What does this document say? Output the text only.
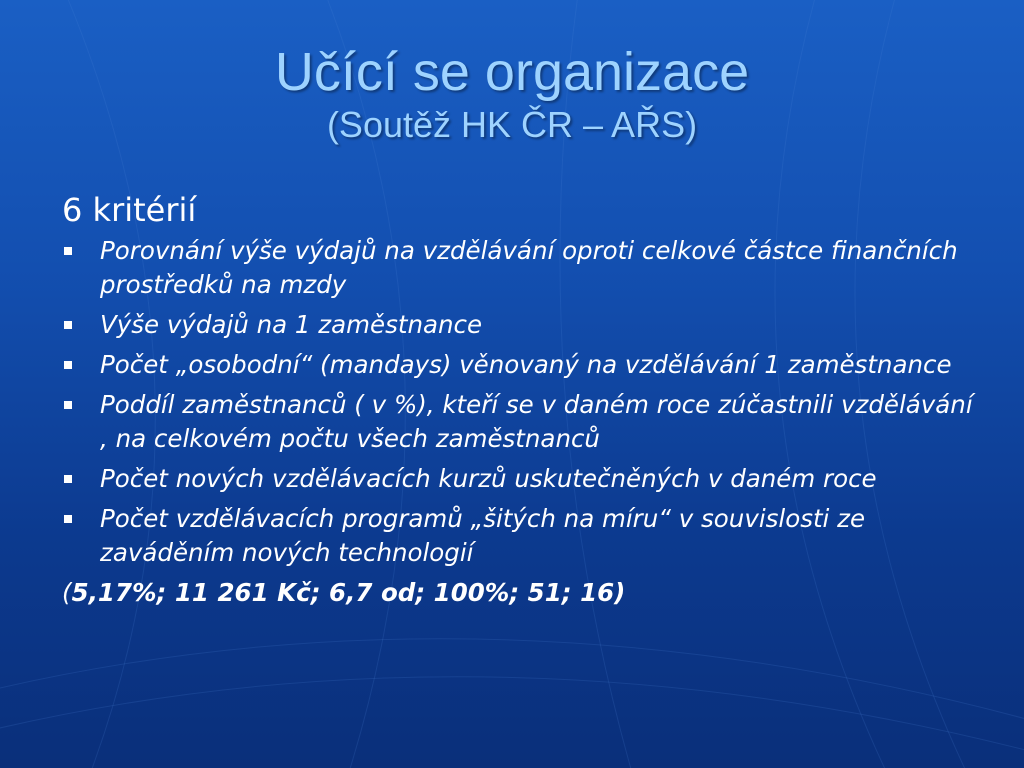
Učící se organizace
(Soutěž HK ČR – AŘS)
6 kritérií
Porovnání výše výdajů na vzdělávání oproti celkové částce finančních prostředků na mzdy
Výše výdajů na 1 zaměstnance
Počet „osobodní“ (mandays) věnovaný na vzdělávání 1 zaměstnance
Poddíl zaměstnanců ( v %), kteří se v daném roce zúčastnili vzdělávání , na celkovém počtu všech zaměstnanců
Počet nových vzdělávacích kurzů uskutečněných v daném roce
Počet vzdělávacích programů „šitých na míru“ v souvislosti ze zaváděním nových technologií
(5,17%; 11 261 Kč; 6,7 od; 100%; 51; 16)
